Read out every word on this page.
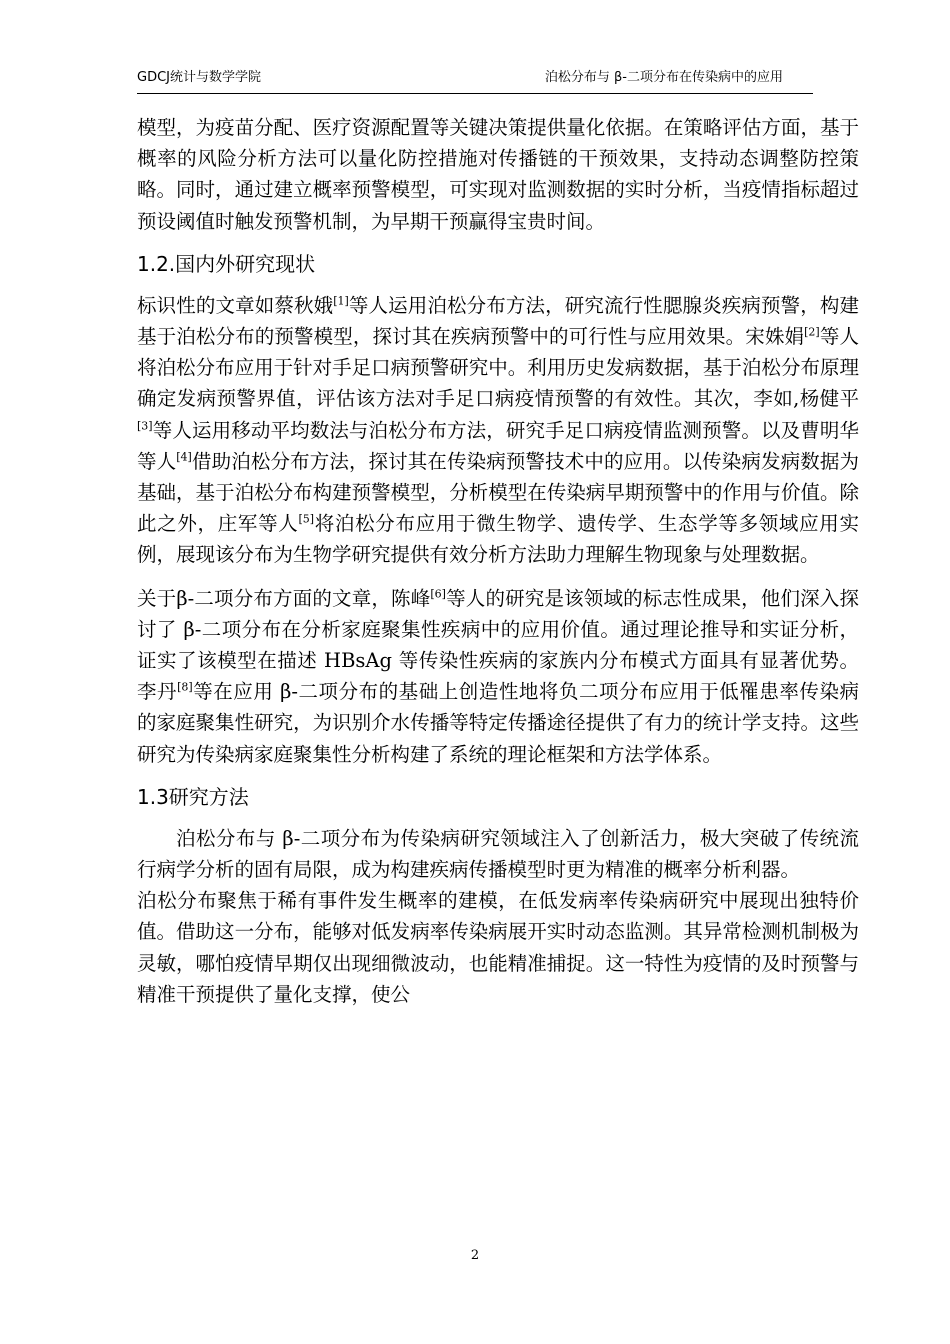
GDCJ统计与数学学院	泊松分布与 β-二项分布在传染病中的应用

模型，为疫苗分配、医疗资源配置等关键决策提供量化依据。在策略评估方面，基于概率的风险分析方法可以量化防控措施对传播链的干预效果，支持动态调整防控策略。同时，通过建立概率预警模型，可实现对监测数据的实时分析，当疫情指标超过预设阈值时触发预警机制，为早期干预赢得宝贵时间。

1.2.国内外研究现状

标识性的文章如蔡秋娥[1]等人运用泊松分布方法，研究流行性腮腺炎疾病预警，构建基于泊松分布的预警模型，探讨其在疾病预警中的可行性与应用效果。宋姝娟[2]等人将泊松分布应用于针对手足口病预警研究中。利用历史发病数据，基于泊松分布原理确定发病预警界值，评估该方法对手足口病疫情预警的有效性。其次，李如,杨健平[3]等人运用移动平均数法与泊松分布方法，研究手足口病疫情监测预警。以及曹明华等人[4]借助泊松分布方法，探讨其在传染病预警技术中的应用。以传染病发病数据为基础，基于泊松分布构建预警模型，分析模型在传染病早期预警中的作用与价值。除此之外，庄军等人[5]将泊松分布应用于微生物学、遗传学、生态学等多领域应用实例，展现该分布为生物学研究提供有效分析方法助力理解生物现象与处理数据。

关于β-二项分布方面的文章，陈峰[6]等人的研究是该领域的标志性成果，他们深入探讨了 β-二项分布在分析家庭聚集性疾病中的应用价值。通过理论推导和实证分析，证实了该模型在描述 HBsAg 等传染性疾病的家族内分布模式方面具有显著优势。李丹[8]等在应用 β-二项分布的基础上创造性地将负二项分布应用于低罹患率传染病的家庭聚集性研究，为识别介水传播等特定传播途径提供了有力的统计学支持。这些研究为传染病家庭聚集性分析构建了系统的理论框架和方法学体系。

1.3研究方法

泊松分布与 β-二项分布为传染病研究领域注入了创新活力，极大突破了传统流行病学分析的固有局限，成为构建疾病传播模型时更为精准的概率分析利器。

泊松分布聚焦于稀有事件发生概率的建模，在低发病率传染病研究中展现出独特价值。借助这一分布，能够对低发病率传染病展开实时动态监测。其异常检测机制极为灵敏，哪怕疫情早期仅出现细微波动，也能精准捕捉。这一特性为疫情的及时预警与精准干预提供了量化支撑，使公

2
